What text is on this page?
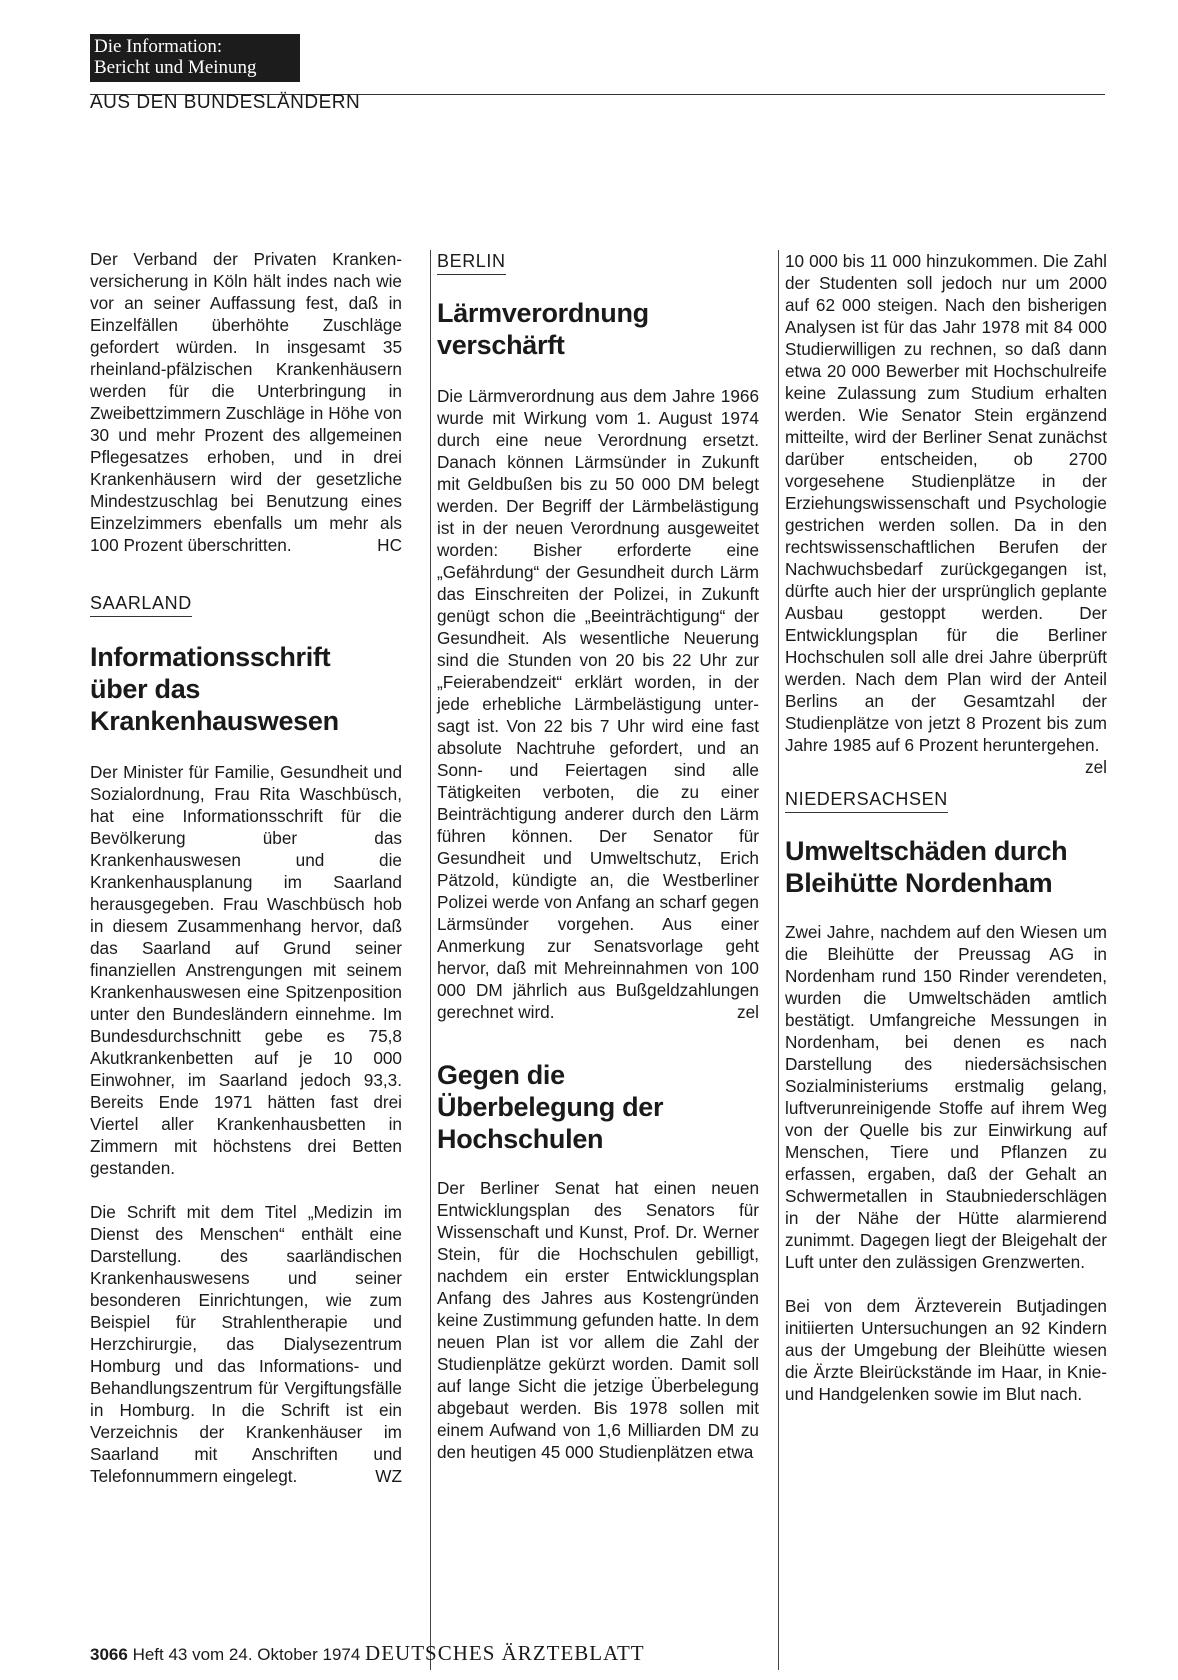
Die Information:
Bericht und Meinung
AUS DEN BUNDESLÄNDERN

Der Verband der Privaten Krankenversicherung in Köln hält indes nach wie vor an seiner Auffassung fest, daß in Einzelfällen überhöhte Zuschläge gefordert würden. In insgesamt 35 rheinland-pfälzischen Krankenhäusern werden für die Unterbringung in Zweibettzimmern Zuschläge in Höhe von 30 und mehr Prozent des allgemeinen Pflegesatzes erhoben, und in drei Krankenhäusern wird der gesetzliche Mindestzuschlag bei Benutzung eines Einzelzimmers ebenfalls um mehr als 100 Prozent überschritten.	HC

SAARLAND
Informationsschrift über das Krankenhauswesen

Der Minister für Familie, Gesundheit und Sozialordnung, Frau Rita Waschbüsch, hat eine Informationsschrift für die Bevölkerung über das Krankenhauswesen und die Krankenhausplanung im Saarland herausgegeben. Frau Waschbüsch hob in diesem Zusammenhang hervor, daß das Saarland auf Grund seiner finanziellen Anstrengungen mit seinem Krankenhauswesen eine Spitzenposition unter den Bundesländern einnehme. Im Bundesdurchschnitt gebe es 75,8 Akutkrankenbetten auf je 10 000 Einwohner, im Saarland jedoch 93,3. Bereits Ende 1971 hätten fast drei Viertel aller Krankenhausbetten in Zimmern mit höchstens drei Betten gestanden.

Die Schrift mit dem Titel „Medizin im Dienst des Menschen“ enthält eine Darstellung. des saarländischen Krankenhauswesens und seiner besonderen Einrichtungen, wie zum Beispiel für Strahlentherapie und Herzchirurgie, das Dialysezentrum Homburg und das Informations- und Behandlungszentrum für Vergiftungsfälle in Homburg. In die Schrift ist ein Verzeichnis der Krankenhäuser im Saarland mit Anschriften und Telefonnummern eingelegt.	WZ

BERLIN
Lärmverordnung verschärft

Die Lärmverordnung aus dem Jahre 1966 wurde mit Wirkung vom 1. August 1974 durch eine neue Verordnung ersetzt. Danach können Lärmsünder in Zukunft mit Geldbußen bis zu 50 000 DM belegt werden. Der Begriff der Lärmbelästigung ist in der neuen Verordnung ausgeweitet worden: Bisher erforderte eine „Gefährdung“ der Gesundheit durch Lärm das Einschreiten der Polizei, in Zukunft genügt schon die „Beeinträchtigung“ der Gesundheit. Als wesentliche Neuerung sind die Stunden von 20 bis 22 Uhr zur „Feierabendzeit“ erklärt worden, in der jede erhebliche Lärmbelästigung untersagt ist. Von 22 bis 7 Uhr wird eine fast absolute Nachtruhe gefordert, und an Sonn- und Feiertagen sind alle Tätigkeiten verboten, die zu einer Beinträchtigung anderer durch den Lärm führen können. Der Senator für Gesundheit und Umweltschutz, Erich Pätzold, kündigte an, die Westberliner Polizei werde von Anfang an scharf gegen Lärmsünder vorgehen. Aus einer Anmerkung zur Senatsvorlage geht hervor, daß mit Mehreinnahmen von 100 000 DM jährlich aus Bußgeldzahlungen gerechnet wird.	zel

Gegen die Überbelegung der Hochschulen

Der Berliner Senat hat einen neuen Entwicklungsplan des Senators für Wissenschaft und Kunst, Prof. Dr. Werner Stein, für die Hochschulen gebilligt, nachdem ein erster Entwicklungsplan Anfang des Jahres aus Kostengründen keine Zustimmung gefunden hatte. In dem neuen Plan ist vor allem die Zahl der Studienplätze gekürzt worden. Damit soll auf lange Sicht die jetzige Überbelegung abgebaut werden. Bis 1978 sollen mit einem Aufwand von 1,6 Milliarden DM zu den heutigen 45 000 Studienplätzen etwa

10 000 bis 11 000 hinzukommen. Die Zahl der Studenten soll jedoch nur um 2000 auf 62 000 steigen. Nach den bisherigen Analysen ist für das Jahr 1978 mit 84 000 Studierwilligen zu rechnen, so daß dann etwa 20 000 Bewerber mit Hochschulreife keine Zulassung zum Studium erhalten werden. Wie Senator Stein ergänzend mitteilte, wird der Berliner Senat zunächst darüber entscheiden, ob 2700 vorgesehene Studienplätze in der Erziehungswissenschaft und Psychologie gestrichen werden sollen. Da in den rechtswissenschaftlichen Berufen der Nachwuchsbedarf zurückgegangen ist, dürfte auch hier der ursprünglich geplante Ausbau gestoppt werden. Der Entwicklungsplan für die Berliner Hochschulen soll alle drei Jahre überprüft werden. Nach dem Plan wird der Anteil Berlins an der Gesamtzahl der Studienplätze von jetzt 8 Prozent bis zum Jahre 1985 auf 6 Prozent heruntergehen.
zel

NIEDERSACHSEN
Umweltschäden durch Bleihütte Nordenham

Zwei Jahre, nachdem auf den Wiesen um die Bleihütte der Preussag AG in Nordenham rund 150 Rinder verendeten, wurden die Umweltschäden amtlich bestätigt. Umfangreiche Messungen in Nordenham, bei denen es nach Darstellung des niedersächsischen Sozialministeriums erstmalig gelang, luftverunreinigende Stoffe auf ihrem Weg von der Quelle bis zur Einwirkung auf Menschen, Tiere und Pflanzen zu erfassen, ergaben, daß der Gehalt an Schwermetallen in Staubniederschlägen in der Nähe der Hütte alarmierend zunimmt. Dagegen liegt der Bleigehalt der Luft unter den zulässigen Grenzwerten.

Bei von dem Ärzteverein Butjadingen initiierten Untersuchungen an 92 Kindern aus der Umgebung der Bleihütte wiesen die Ärzte Bleirückstände im Haar, in Knie- und Handgelenken sowie im Blut nach.

3066 Heft 43 vom 24. Oktober 1974 DEUTSCHES ÄRZTEBLATT
